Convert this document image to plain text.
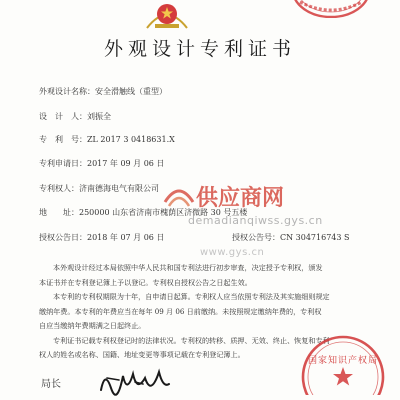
外观设计专利证书
外观设计名称：安全滑触线（重型）
设　计　人：刘振全
专　利　号：ZL 2017 3 0418631.X
专利申请日：2017 年 09 月 06 日
专利权人：济南德海电气有限公司
地　　址：250000 山东省济南市槐荫区济微路 30 号五楼
授权公告日：2018 年 07 月 06 日	授权公告号：CN 304716743 S
供应商网
demadianqiwss.gys.cn
www.gys.cn
本外观设计经过本局依照中华人民共和国专利法进行初步审查，决定授予专利权，颁发
本证书并在专利登记簿上予以登记。专利权自授权公告之日起生效。
本专利的专利权期限为十年，自申请日起算。专利权人应当依照专利法及其实施细则规定
缴纳年费。本专利的年费应当在每年 09 月 06 日前缴纳。未按照规定缴纳年费的，专利权
自应当缴纳年费期满之日起终止。
专利证书记载专利权登记时的法律状况。专利权的转移、质押、无效、终止、恢复和专利
权人的姓名或名称、国籍、地址变更等事项记载在专利登记簿上。
国家知识产权局
局长
